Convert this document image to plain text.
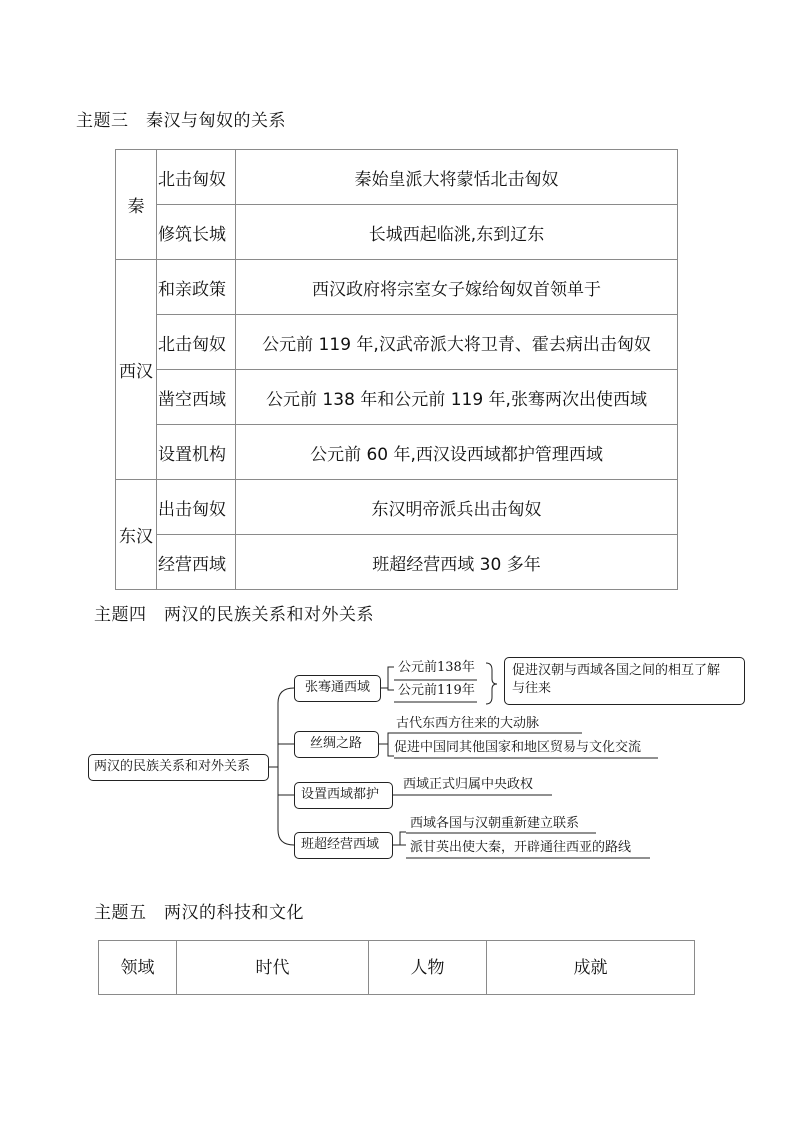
主题三　秦汉与匈奴的关系
秦	北击匈奴	秦始皇派大将蒙恬北击匈奴
	修筑长城	长城西起临洮,东到辽东
西汉	和亲政策	西汉政府将宗室女子嫁给匈奴首领单于
	北击匈奴	公元前 119 年,汉武帝派大将卫青、霍去病出击匈奴
	凿空西域	公元前 138 年和公元前 119 年,张骞两次出使西域
	设置机构	公元前 60 年,西汉设西域都护管理西域
东汉	出击匈奴	东汉明帝派兵出击匈奴
	经营西域	班超经营西域 30 多年
主题四　两汉的民族关系和对外关系
两汉的民族关系和对外关系
张骞通西域
丝绸之路
设置西域都护
班超经营西域
公元前138年
公元前119年
促进汉朝与西域各国之间的相互了解
与往来
古代东西方往来的大动脉
促进中国同其他国家和地区贸易与文化交流
西域正式归属中央政权
西域各国与汉朝重新建立联系
派甘英出使大秦，开辟通往西亚的路线
主题五　两汉的科技和文化
领域	时代	人物	成就
